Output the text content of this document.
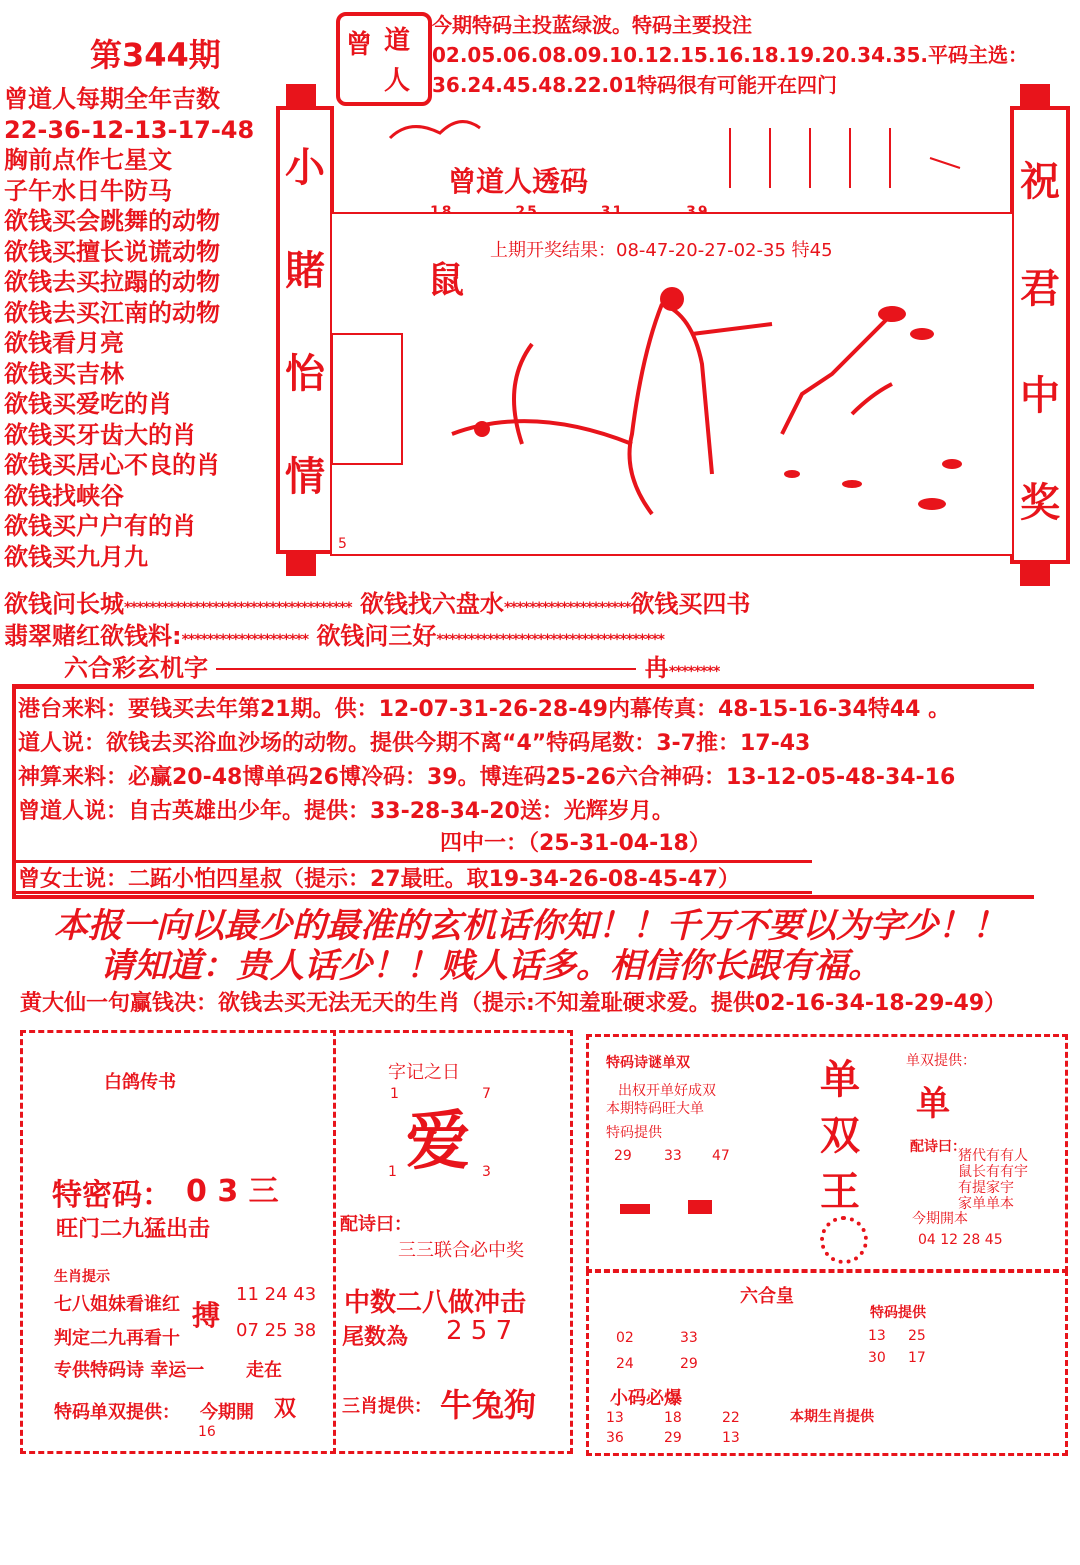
第344期	曾 道
人
今期特码主投蓝绿波。特码主要投注02.05.06.08.09.10.12.15.16.18.19.20.34.35.平码主选：36.24.45.48.22.01特码很有可能开在四门
曾道人每期全年吉数
22-36-12-13-17-48
胸前点作七星文
子午水日牛防马
欲钱买会跳舞的动物
欲钱买擅长说谎动物
欲钱去买拉蹋的动物
欲钱去买江南的动物
欲钱看月亮
欲钱买吉林
欲钱买爱吃的肖
欲钱买牙齿大的肖
欲钱买居心不良的肖
欲钱找峡谷
欲钱买户户有的肖
欲钱买九月九
小
賭
怡
情
祝
君
中
奖
曾道人透码

鼠
5
上期开奖结果：08-47-20-27-02-35 特45
欲钱问长城************************************ 欲钱找六盘水********************欲钱买四书
翡翠赌红欲钱料:******************** 欲钱问三好************************************
六合彩玄机字	冉********
港台来料：要钱买去年第21期。供：12-07-31-26-28-49内幕传真：48-15-16-34特44 。
道人说：欲钱去买浴血沙场的动物。提供今期不离“4”特码尾数：3-7推：17-43
神算来料：必赢20-48博单码26博冷码：39。博连码25-26六合神码：13-12-05-48-34-16
曾道人说：自古英雄出少年。提供：33-28-34-20送：光辉岁月。
四中一：（25-31-04-18）
曾女士说：二跖小怕四星叔（提示：27最旺。取19-34-26-08-45-47）
本报一向以最少的最准的玄机话你知！！千万不要以为字少！！
请知道：贵人话少！！贱人话多。相信你长跟有福。
黄大仙一句赢钱决：欲钱去买无法无天的生肖（提示:不知羞耻硬求爱。提供02-16-34-18-29-49）
白鸽传书
特密码： 0 3 三
旺门二九猛出击
生肖提示
七八姐妹看谁红
判定二九再看十
专供特码诗 幸运一
特码单双提供：
搏
11 24 43
07 25 38
走在
今期開 双
16
字记之日
爱
1	7
1	3
配诗曰：
三三联合必中奖
中数二八做冲击
尾数為 2 5 7
三肖提供： 牛兔狗
特码诗谜单双
出权开单好成双
本期特码旺大单
特码提供
29 33 47
单
双
王
单双提供：
单
配诗曰：
猪代有有人
鼠长有有宇
有提家宇
家单单本
今期開本
04 12 28 45
六合皇
02	33
24	29
特码提供
13 25
30 17
小码必爆
13	18	22
36	29	13
本期生肖提供
